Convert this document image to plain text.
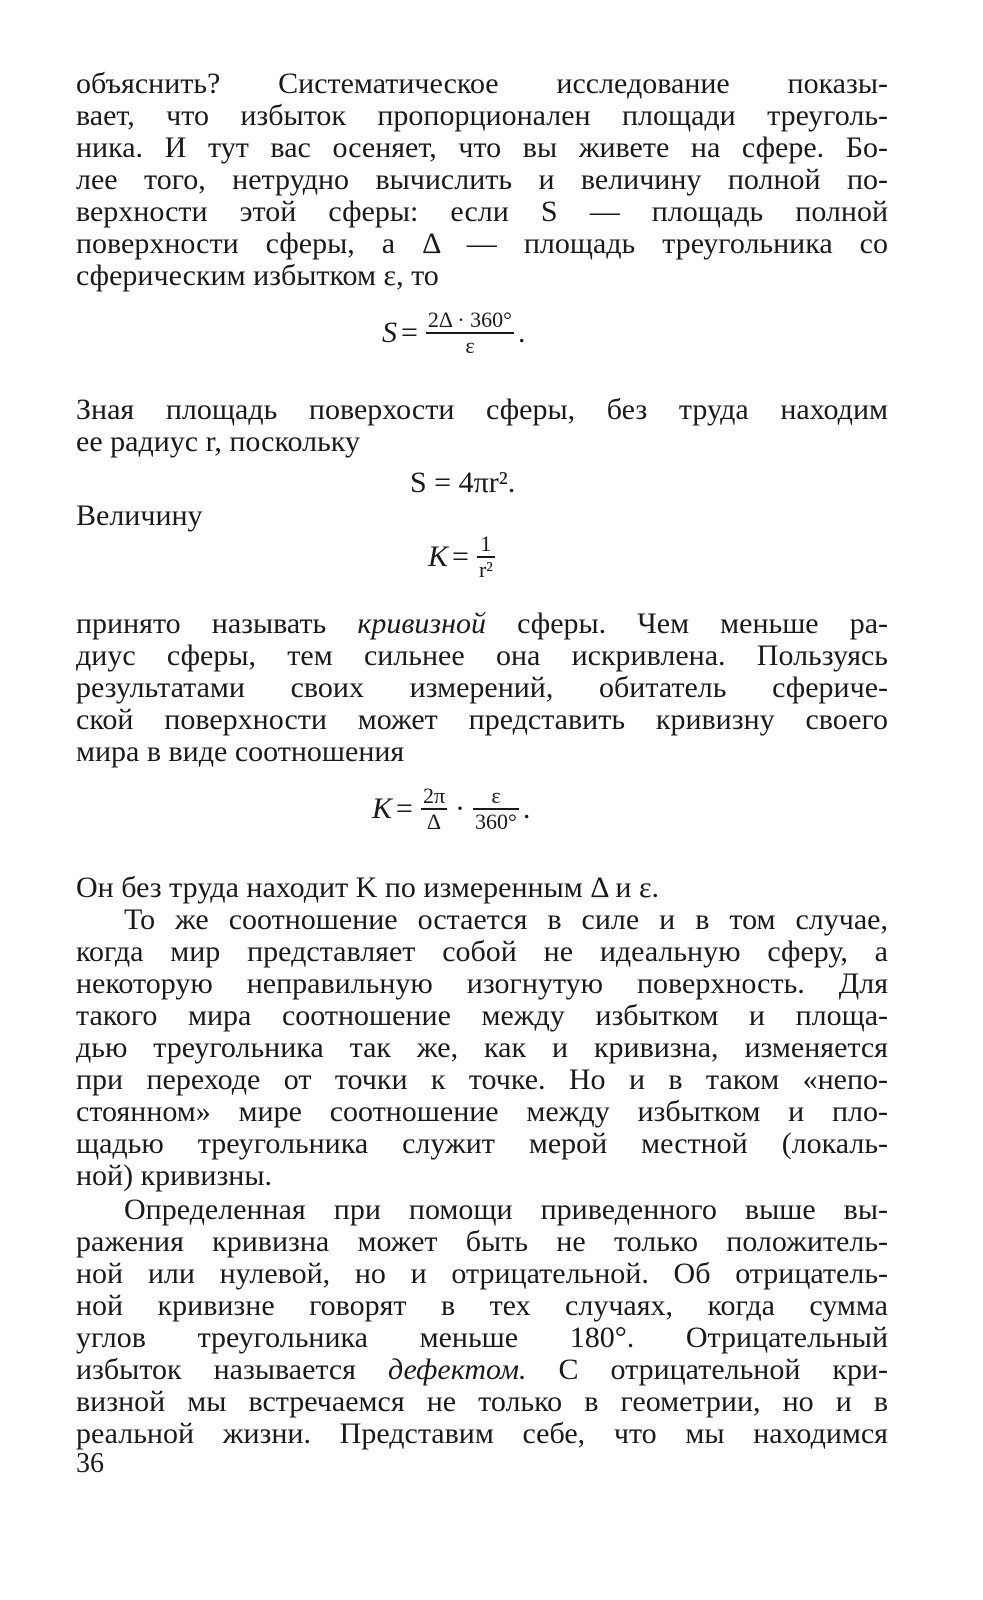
объяснить? Систематическое исследование показы-
вает, что избыток пропорционален площади треуголь-
ника. И тут вас осеняет, что вы живете на сфере. Бо-
лее того, нетрудно вычислить и величину полной по-
верхности этой сферы: если S — площадь полной
поверхности сферы, а Δ — площадь треугольника со
сферическим избытком ε, то

$S = \frac{2\Delta \cdot 360^\circ}{\varepsilon}$ .

Зная площадь поверхости сферы, без труда находим
ее радиус r, поскольку

S = 4πr².

Величину

$K = \frac{1}{\text{r²}}$

принято называть кривизной сферы. Чем меньше ра-
диус сферы, тем сильнее она искривлена. Пользуясь
результатами своих измерений, обитатель сфериче-
ской поверхности может представить кривизну своего
мира в виде соотношения

$K = \frac{2\pi}{\Delta} \cdot \frac{\varepsilon}{360^\circ}$ .

Он без труда находит K по измеренным Δ и ε.

То же соотношение остается в силе и в том случае,
когда мир представляет собой не идеальную сферу, а
некоторую неправильную изогнутую поверхность. Для
такого мира соотношение между избытком и площа-
дью треугольника так же, как и кривизна, изменяется
при переходе от точки к точке. Но и в таком «непо-
стоянном» мире соотношение между избытком и пло-
щадью треугольника служит мерой местной (локаль-
ной) кривизны.

Определенная при помощи приведенного выше вы-
ражения кривизна может быть не только положитель-
ной или нулевой, но и отрицательной. Об отрицатель-
ной кривизне говорят в тех случаях, когда сумма
углов треугольника меньше 180°. Отрицательный
избыток называется дефектом. С отрицательной кри-
визной мы встречаемся не только в геометрии, но и в
реальной жизни. Представим себе, что мы находимся

36
